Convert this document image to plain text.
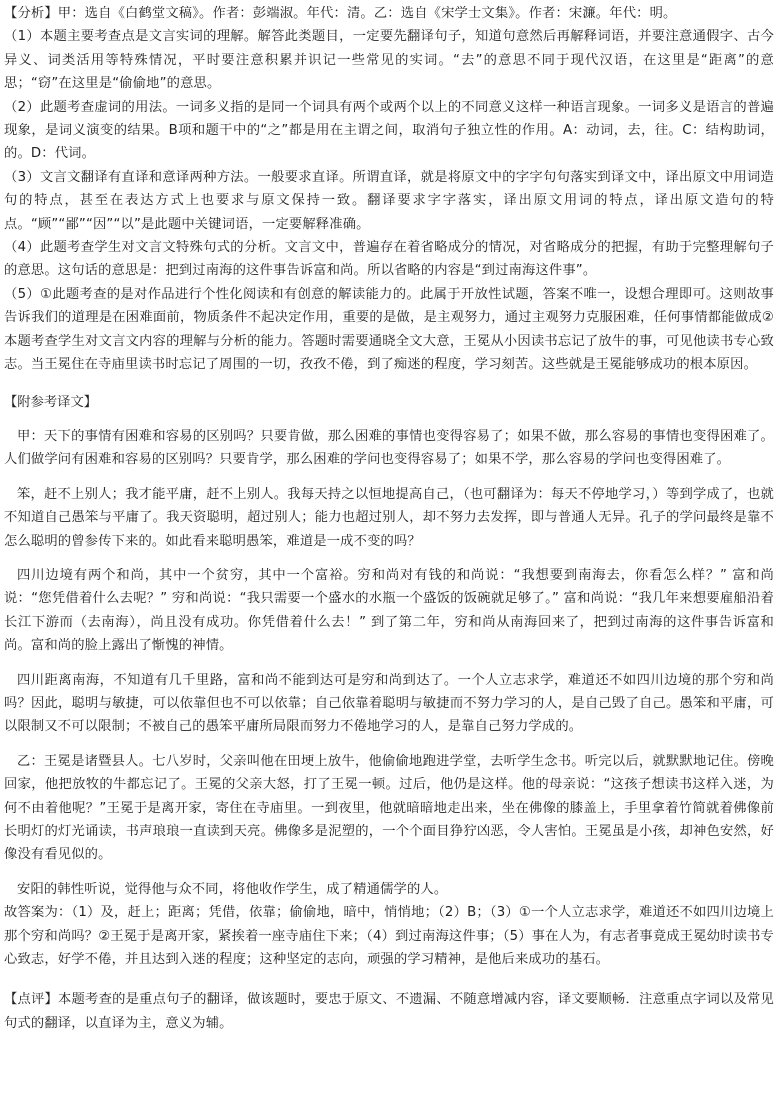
【分析】甲：选自《白鹤堂文稿》。作者：彭端淑。年代：清。乙：选自《宋学士文集》。作者：宋濂。年代：明。

（1）本题主要考查点是文言实词的理解。解答此类题目，一定要先翻译句子，知道句意然后再解释词语，并要注意通假字、古今异义、词类活用等特殊情况，平时要注意积累并识记一些常见的实词。“去”的意思不同于现代汉语，在这里是“距离”的意思；“窃”在这里是“偷偷地”的意思。

（2）此题考查虚词的用法。一词多义指的是同一个词具有两个或两个以上的不同意义这样一种语言现象。一词多义是语言的普遍现象，是词义演变的结果。B项和题干中的“之”都是用在主谓之间，取消句子独立性的作用。A：动词，去，往。C：结构助词，的。D：代词。

（3）文言文翻译有直译和意译两种方法。一般要求直译。所谓直译，就是将原文中的字字句句落实到译文中，译出原文中用词造句的特点，甚至在表达方式上也要求与原文保持一致。翻译要求字字落实，译出原文用词的特点，译出原文造句的特点。“顾”“鄙”“因”“以”是此题中关键词语，一定要解释准确。

（4）此题考查学生对文言文特殊句式的分析。文言文中，普遍存在着省略成分的情况，对省略成分的把握，有助于完整理解句子的意思。这句话的意思是：把到过南海的这件事告诉富和尚。所以省略的内容是“到过南海这件事”。

（5）①此题考查的是对作品进行个性化阅读和有创意的解读能力的。此属于开放性试题，答案不唯一，设想合理即可。这则故事告诉我们的道理是在困难面前，物质条件不起决定作用，重要的是做，是主观努力，通过主观努力克服困难，任何事情都能做成②本题考查学生对文言文内容的理解与分析的能力。答题时需要通晓全文大意，王冕从小因读书忘记了放牛的事，可见他读书专心致志。当王冕住在寺庙里读书时忘记了周围的一切，孜孜不倦，到了痴迷的程度，学习刻苦。这些就是王冕能够成功的根本原因。

【附参考译文】

甲：天下的事情有困难和容易的区别吗？只要肯做，那么困难的事情也变得容易了；如果不做，那么容易的事情也变得困难了。人们做学问有困难和容易的区别吗？只要肯学，那么困难的学问也变得容易了；如果不学，那么容易的学问也变得困难了。

笨，赶不上别人；我才能平庸，赶不上别人。我每天持之以恒地提高自己，（也可翻译为：每天不停地学习，）等到学成了，也就不知道自己愚笨与平庸了。我天资聪明，超过别人；能力也超过别人，却不努力去发挥，即与普通人无异。孔子的学问最终是靠不怎么聪明的曾参传下来的。如此看来聪明愚笨，难道是一成不变的吗？

四川边境有两个和尚，其中一个贫穷，其中一个富裕。穷和尚对有钱的和尚说：“我想要到南海去，你看怎么样？” 富和尚说：“您凭借着什么去呢？” 穷和尚说：“我只需要一个盛水的水瓶一个盛饭的饭碗就足够了。” 富和尚说：“我几年来想要雇船沿着长江下游而（去南海），尚且没有成功。你凭借着什么去！” 到了第二年，穷和尚从南海回来了，把到过南海的这件事告诉富和尚。富和尚的脸上露出了惭愧的神情。

四川距离南海，不知道有几千里路，富和尚不能到达可是穷和尚到达了。一个人立志求学，难道还不如四川边境的那个穷和尚吗？因此，聪明与敏捷，可以依靠但也不可以依靠；自己依靠着聪明与敏捷而不努力学习的人，是自己毁了自己。愚笨和平庸，可以限制又不可以限制；不被自己的愚笨平庸所局限而努力不倦地学习的人，是靠自己努力学成的。

乙：王冕是诸暨县人。七八岁时，父亲叫他在田埂上放牛，他偷偷地跑进学堂，去听学生念书。听完以后，就默默地记住。傍晚回家，他把放牧的牛都忘记了。王冕的父亲大怒，打了王冕一顿。过后，他仍是这样。他的母亲说：“这孩子想读书这样入迷，为何不由着他呢？”王冕于是离开家，寄住在寺庙里。一到夜里，他就暗暗地走出来，坐在佛像的膝盖上，手里拿着竹简就着佛像前长明灯的灯光诵读，书声琅琅一直读到天亮。佛像多是泥塑的，一个个面目狰狞凶恶，令人害怕。王冕虽是小孩，却神色安然，好像没有看见似的。

安阳的韩性听说，觉得他与众不同，将他收作学生，成了精通儒学的人。

故答案为：（1）及，赶上；距离；凭借，依靠；偷偷地，暗中，悄悄地；（2）B；（3）①一个人立志求学，难道还不如四川边境上那个穷和尚吗？②王冕于是离开家，紧挨着一座寺庙住下来；（4）到过南海这件事；（5）事在人为，有志者事竟成王冕幼时读书专心致志，好学不倦，并且达到入迷的程度；这种坚定的志向，顽强的学习精神，是他后来成功的基石。

【点评】本题考查的是重点句子的翻译，做该题时，要忠于原文、不遗漏、不随意增减内容，译文要顺畅．注意重点字词以及常见句式的翻译，以直译为主，意义为辅。
